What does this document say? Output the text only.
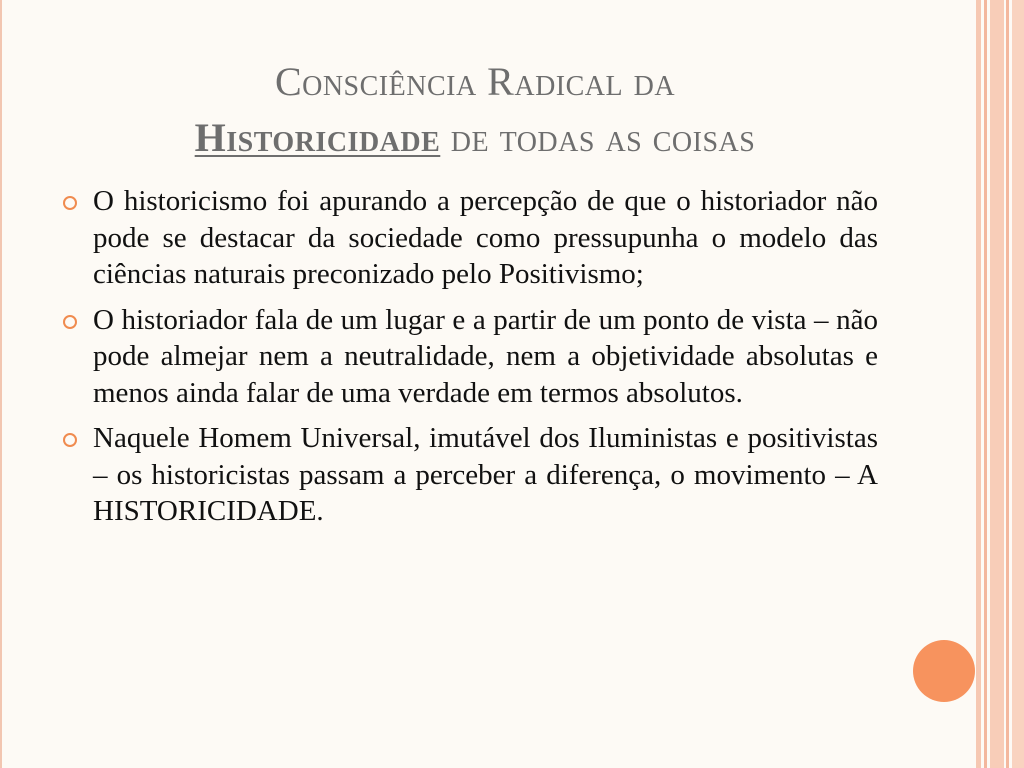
Consciência Radical da
Historicidade de todas as coisas
O historicismo foi apurando a percepção de que o historiador não pode se destacar da sociedade como pressupunha o modelo das ciências naturais preconizado pelo Positivismo;
O historiador fala de um lugar e a partir de um ponto de vista – não pode almejar nem a neutralidade, nem a objetividade absolutas e menos ainda falar de uma verdade em termos absolutos.
Naquele Homem Universal, imutável dos Iluministas e positivistas – os historicistas passam a perceber a diferença, o movimento – A HISTORICIDADE.
